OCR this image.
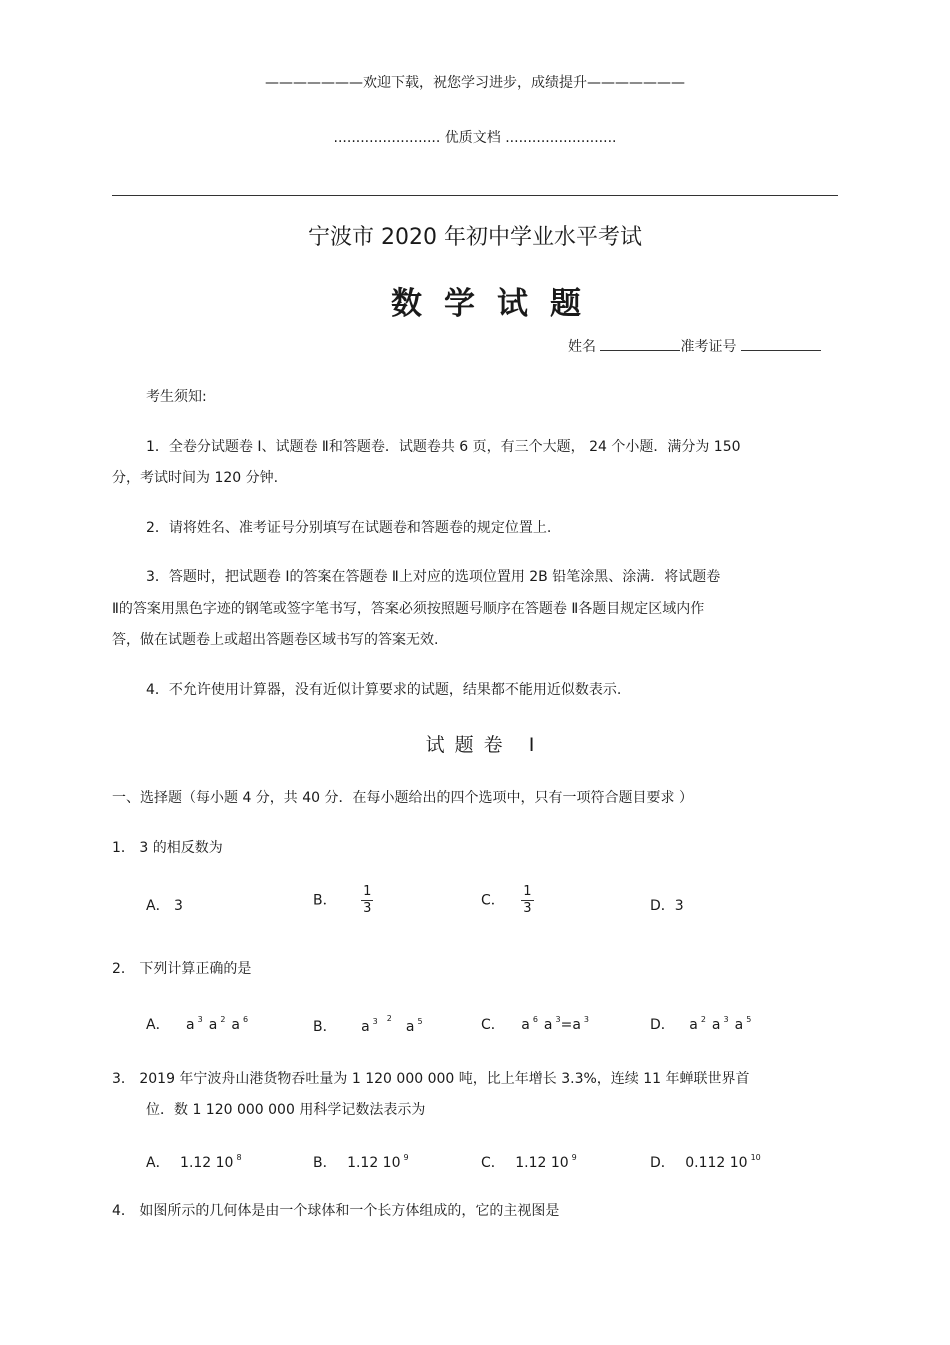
———————欢迎下载，祝您学习进步，成绩提升———————
........................ 优质文档 .........................
宁波市 2020 年初中学业水平考试
数学试题
姓名	准考证号
考生须知:
1．全卷分试题卷 Ⅰ、试题卷 Ⅱ和答题卷．试题卷共 6 页，有三个大题， 24 个小题．满分为 150
分，考试时间为 120 分钟.
2．请将姓名、准考证号分别填写在试题卷和答题卷的规定位置上.
3．答题时，把试题卷 Ⅰ的答案在答题卷 Ⅱ上对应的选项位置用 2B 铅笔涂黑、涂满．将试题卷
Ⅱ的答案用黑色字迹的钢笔或签字笔书写，答案必须按照题号顺序在答题卷 Ⅱ各题目规定区域内作
答，做在试题卷上或超出答题卷区域书写的答案无效.
4．不允许使用计算器，没有近似计算要求的试题，结果都不能用近似数表示.
试题卷 Ⅰ
一、选择题（每小题 4 分，共 40 分．在每小题给出的四个选项中，只有一项符合题目要求 ）
1． 3 的相反数为
A． 3	B． $\frac{1}{3}$	C． $\frac{1}{3}$	D．3
2． 下列计算正确的是
A． a $^3$ a $^2$ a $^6$	B． a $^3$ $^2$a $^5$	C． a $^6$ a $^3$=a $^3$	D． a $^2$ a $^3$ a $^5$
3． 2019 年宁波舟山港货物吞吐量为 1 120 000 000 吨，比上年增长 3.3%，连续 11 年蝉联世界首
位．数 1 120 000 000 用科学记数法表示为
A． 1.12 10 $^8$	B． 1.12 10 $^9$	C． 1.12 10 $^9$	D． 0.112 10 $^{10}$
4． 如图所示的几何体是由一个球体和一个长方体组成的，它的主视图是
